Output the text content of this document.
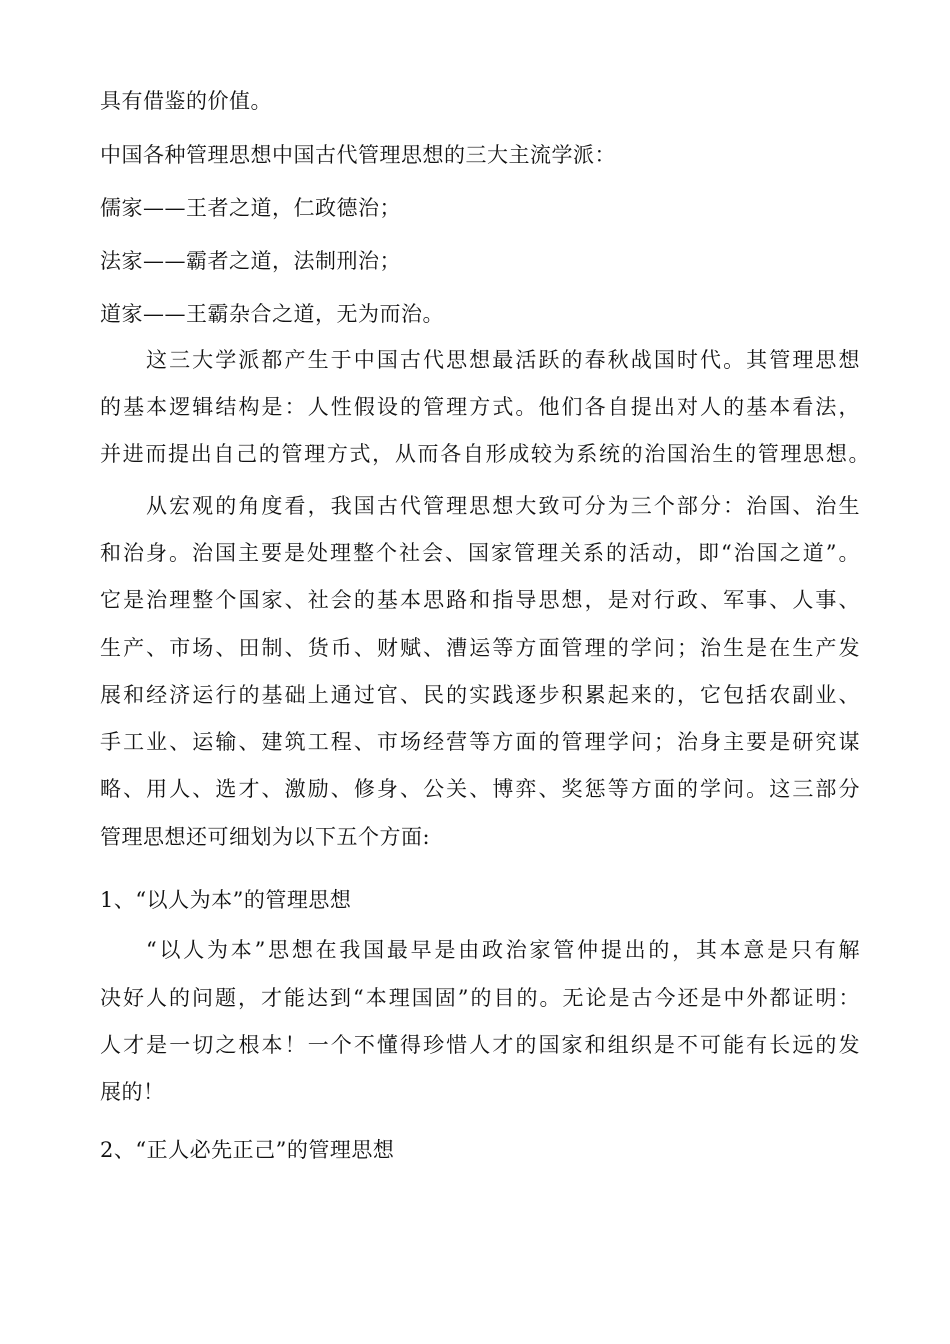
具有借鉴的价值。
中国各种管理思想中国古代管理思想的三大主流学派：
儒家——王者之道，仁政德治；
法家——霸者之道，法制刑治；
道家——王霸杂合之道，无为而治。
这三大学派都产生于中国古代思想最活跃的春秋战国时代。其管理思想
的基本逻辑结构是：人性假设的管理方式。他们各自提出对人的基本看法，
并进而提出自己的管理方式，从而各自形成较为系统的治国治生的管理思想。
从宏观的角度看，我国古代管理思想大致可分为三个部分：治国、治生
和治身。治国主要是处理整个社会、国家管理关系的活动，即“治国之道”。
它是治理整个国家、社会的基本思路和指导思想，是对行政、军事、人事、
生产、市场、田制、货币、财赋、漕运等方面管理的学问；治生是在生产发
展和经济运行的基础上通过官、民的实践逐步积累起来的，它包括农副业、
手工业、运输、建筑工程、市场经营等方面的管理学问；治身主要是研究谋
略、用人、选才、激励、修身、公关、博弈、奖惩等方面的学问。这三部分
管理思想还可细划为以下五个方面:
1、“以人为本”的管理思想
“以人为本”思想在我国最早是由政治家管仲提出的，其本意是只有解
决好人的问题，才能达到“本理国固”的目的。无论是古今还是中外都证明：
人才是一切之根本！一个不懂得珍惜人才的国家和组织是不可能有长远的发
展的！
2、“正人必先正己”的管理思想
